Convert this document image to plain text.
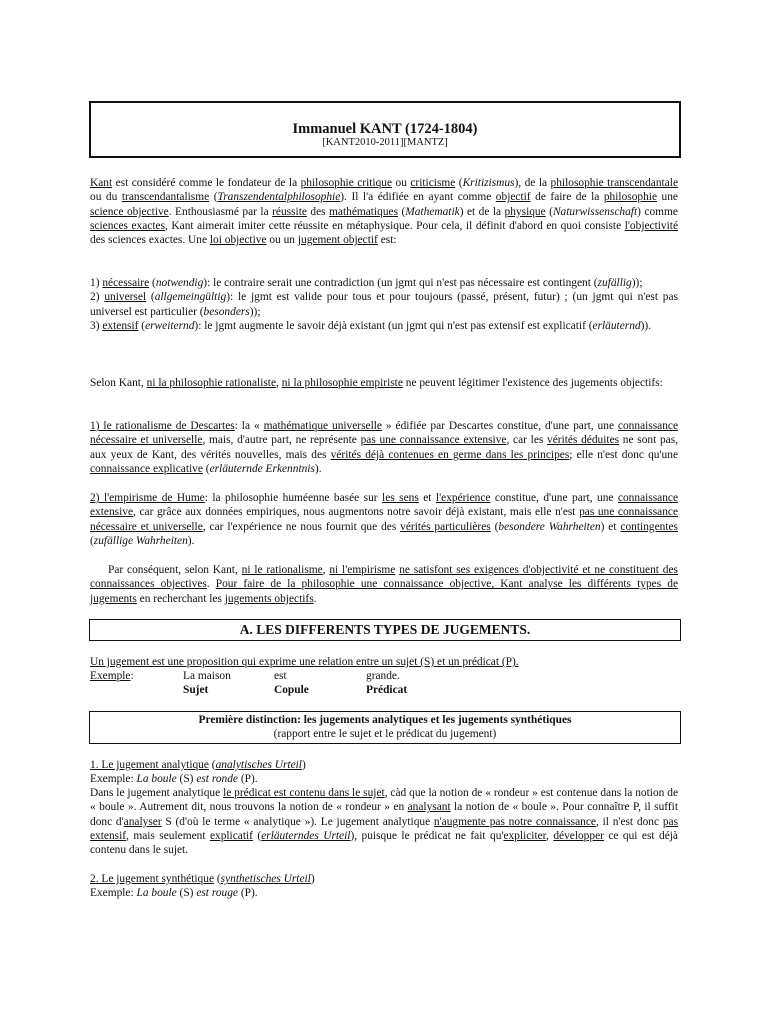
Immanuel KANT (1724-1804)
[KANT2010-2011][MANTZ]
Kant est considéré comme le fondateur de la philosophie critique ou criticisme (Kritizismus), de la philosophie transcendantale ou du transcendantalisme (Transzendentalphilosophie). Il l'a édifiée en ayant comme objectif de faire de la philosophie une science objective. Enthousiasmé par la réussite des mathématiques (Mathematik) et de la physique (Naturwissenschaft) comme sciences exactes, Kant aimerait imiter cette réussite en métaphysique. Pour cela, il définit d'abord en quoi consiste l'objectivité des sciences exactes. Une loi objective ou un jugement objectif est:
1) nécessaire (notwendig): le contraire serait une contradiction (un jgmt qui n'est pas nécessaire est contingent (zufällig));
2) universel (allgemeingültig): le jgmt est valide pour tous et pour toujours (passé, présent, futur) ; (un jgmt qui n'est pas universel est particulier (besonders));
3) extensif (erweiternd): le jgmt augmente le savoir déjà existant (un jgmt qui n'est pas extensif est explicatif (erläuternd)).
Selon Kant, ni la philosophie rationaliste, ni la philosophie empiriste ne peuvent légitimer l'existence des jugements objectifs:
1) le rationalisme de Descartes: la « mathématique universelle » édifiée par Descartes constitue, d'une part, une connaissance nécessaire et universelle, mais, d'autre part, ne représente pas une connaissance extensive, car les vérités déduites ne sont pas, aux yeux de Kant, des vérités nouvelles, mais des vérités déjà contenues en germe dans les principes; elle n'est donc qu'une connaissance explicative (erläuternde Erkenntnis).
2) l'empirisme de Hume: la philosophie huméenne basée sur les sens et l'expérience constitue, d'une part, une connaissance extensive, car grâce aux données empiriques, nous augmentons notre savoir déjà existant, mais elle n'est pas une connaissance nécessaire et universelle, car l'expérience ne nous fournit que des vérités particulières (besondere Wahrheiten) et contingentes (zufällige Wahrheiten).
Par conséquent, selon Kant, ni le rationalisme, ni l'empirisme ne satisfont ses exigences d'objectivité et ne constituent des connaissances objectives. Pour faire de la philosophie une connaissance objective, Kant analyse les différents types de jugements en recherchant les jugements objectifs.
A. LES DIFFERENTS TYPES DE JUGEMENTS.
Un jugement est une proposition qui exprime une relation entre un sujet (S) et un prédicat (P).
Exemple:	La maison	est	grande.
Sujet	Copule	Prédicat
Première distinction: les jugements analytiques et les jugements synthétiques
(rapport entre le sujet et le prédicat du jugement)
1. Le jugement analytique (analytisches Urteil)
Exemple: La boule (S) est ronde (P).
Dans le jugement analytique le prédicat est contenu dans le sujet, càd que la notion de « rondeur » est contenue dans la notion de « boule ». Autrement dit, nous trouvons la notion de « rondeur » en analysant la notion de « boule ». Pour connaître P, il suffit donc d'analyser S (d'où le terme « analytique »). Le jugement analytique n'augmente pas notre connaissance, il n'est donc pas extensif, mais seulement explicatif (erläuterndes Urteil), puisque le prédicat ne fait qu'expliciter, développer ce qui est déjà contenu dans le sujet.
2. Le jugement synthétique (synthetisches Urteil)
Exemple: La boule (S) est rouge (P).
